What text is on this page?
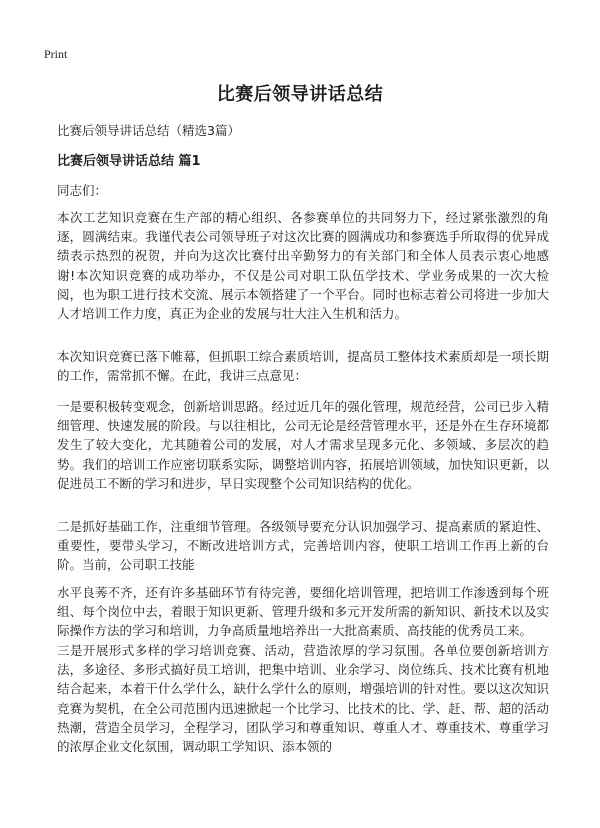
Print
比赛后领导讲话总结
比赛后领导讲话总结（精选3篇）
比赛后领导讲话总结 篇1
同志们：

本次工艺知识竞赛在生产部的精心组织、各参赛单位的共同努力下，经过紧张激烈的角逐，圆满结束。我谨代表公司领导班子对这次比赛的圆满成功和参赛选手所取得的优异成绩表示热烈的祝贺，并向为这次比赛付出辛勤努力的有关部门和全体人员表示衷心地感谢!本次知识竞赛的成功举办，不仅是公司对职工队伍学技术、学业务成果的一次大检阅，也为职工进行技术交流、展示本领搭建了一个平台。同时也标志着公司将进一步加大人才培训工作力度，真正为企业的发展与壮大注入生机和活力。

本次知识竞赛已落下帷幕，但抓职工综合素质培训，提高员工整体技术素质却是一项长期的工作，需常抓不懈。在此，我讲三点意见：

一是要积极转变观念，创新培训思路。经过近几年的强化管理，规范经营，公司已步入精细管理、快速发展的阶段。与以往相比，公司无论是经营管理水平，还是外在生存环境都发生了较大变化，尤其随着公司的发展，对人才需求呈现多元化、多领域、多层次的趋势。我们的培训工作应密切联系实际，调整培训内容，拓展培训领域，加快知识更新，以促进员工不断的学习和进步，早日实现整个公司知识结构的优化。

二是抓好基础工作，注重细节管理。各级领导要充分认识加强学习、提高素质的紧迫性、重要性，要带头学习，不断改进培训方式，完善培训内容，使职工培训工作再上新的台阶。当前，公司职工技能

水平良莠不齐，还有许多基础环节有待完善，要细化培训管理，把培训工作渗透到每个班组、每个岗位中去，着眼于知识更新、管理升级和多元开发所需的新知识、新技术以及实际操作方法的学习和培训，力争高质量地培养出一大批高素质、高技能的优秀员工来。

三是开展形式多样的学习培训竞赛、活动，营造浓厚的学习氛围。各单位要创新培训方法，多途径、多形式搞好员工培训，把集中培训、业余学习、岗位练兵、技术比赛有机地结合起来，本着干什么学什么，缺什么学什么的原则，增强培训的针对性。要以这次知识竞赛为契机，在全公司范围内迅速掀起一个比学习、比技术的比、学、赶、帮、超的活动热潮，营造全员学习，全程学习，团队学习和尊重知识、尊重人才、尊重技术、尊重学习的浓厚企业文化氛围，调动职工学知识、添本领的
